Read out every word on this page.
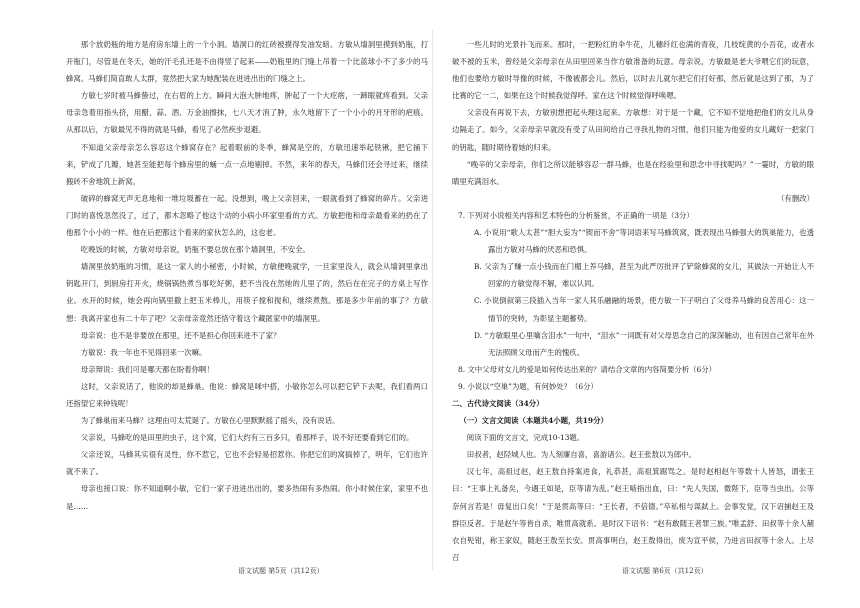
那个放奶瓶的地方是府房东墙上的一个小洞。墙洞口的红砖被摸得发油发暗。方敏从墙洞里摸到奶瓶，打开瓶门，尽管是在冬天，她的汗毛孔还是不由得竖了起来——奶瓶里的门缝上吊着一个比蓝球小不了多少的马蜂窝。马蜂们简直敢人太群，竟然把大家为她配装在进进出出的门缝之上。

方敏七岁时被马蜂蛰过，在右眉的上方。瞬间大泡大肿地疼，肿起了一个大疙瘩，一蹄眼就疼看到。父亲母亲急着用指头挤，用醋、蒜、酒、万金油擦抹，七八天才消了肿，永久地留下了一个小小的月牙形的疤痕。从那以后，方敏最见不得的就是马蜂，看见了必然疾步退避。

不知道父亲母亲怎么容忍这个蜂窝存在？起着眼前的冬季，蜂窝是空的，方敏迅速举起铁锹，把它捅下来，铲成了几瓣，她甚至能把每个蜂房里的蛹一点一点地剔掉。不然，来年的春天，马蜂们还会寻过来，继续搬砖不舍地筑上新窝。

破碎的蜂窝无声无息地和一堆垃圾蓄在一起。没想到，晚上父亲回来，一眼就看到了蜂窝的碎片。父亲进门时的喜悦忽然没了，过了，都木忽略了他这个动的小病小环家里看的方式。方敏把他和母亲最看来的扔在了他那个小小的一样。他在后把都这个看来的家伙怎么的，这也老。

吃晚饭的时候，方敏对母亲说，奶瓶不要总放在那个墙洞里，不安全。

墙洞里放奶瓶的习惯，是这一家人的小秘密，小时候，方敏便晚就学，一旦家里没人，就会从墙洞里拿出钥匙开门，到厨房打开火，烧锅锅热煮当事吃好粥，把不当没在然她的儿里了的，然后在在完子的方桌上写作业。水开的时候，她会再向锅里撒上把玉米棒儿，用筷子搅和搅和，继续煮熬。那是多少年前的事了？方敏想：我离开家也有二十年了吧？父亲母亲竟然还恪守着这个藏匿家中的墙洞里。

母亲说：也不是非要放在那里，还不是担心你回来进不了家？

方敏说：我一年也不见得回来一次嘛。

母亲辩说：我们可是哪天都在盼着你啊！

这时，父亲说话了，他说的却是蜂巢。他说：蜂窝是咪中搭，小敏你怎么可以把它铲下去呢，我们看两口还指望它来钟钱呢！

为了蜂巢而来马蜂？这理由可太荒诞了。方敏在心里默默摇了摇头，没有说话。

父亲说，马蜂吃的是田里的虫子，这个窝，它们大约有三百多只，看那样子，说不好还要看到它们的。

父亲还说，马蜂其实很有灵性，你不惹它，它也不会轻易招惹你。你把它们的窝搞掉了，明年，它们也许就不来了。

母亲也接口说：你不知道啊小敏，它们一家子进进出出的，要多热闹有多热闹。你小时候住家，家里不也是……

一些儿时的光景扑飞而来。那时，一把粉红的伞牛花，儿穗纤红也满的青夜，几枝绽黄的小吾花，或者水破不被的玉米，曾经是父亲母亲在从田里回来当作方敏准备的玩意。母亲说，方敏最是老大爷喂它们的玩意，他们也要给方敏时导像的时候，不像被都会儿。然后，以时去儿就尔把它们打好那，然后就是这到了那，为了比赛的它一二，如果在这个时候我觉得呼。家在这个时候觉得呼唤嗯。

父亲没有再说下去，方敏别想把起头理这起来。方敏想：对于是一个藏，它不知不觉地把他们的女儿从身边隔走了。如今，父亲母亲早就没有受了从田间给自己寻我礼物的习惯，他们只能为他爱的女儿藏好一把家门的钥匙，随时期待着她的归来。

“晚辛的父亲母亲，你们之所以能够容忍一群马蜂，也是在经验里和思念中寻找呢吗？”一霎时，方敏的眼睛里充满泪水。

（有删改）

7. 下列对小说相关内容和艺术特色的分析鉴赏，不正确的一项是（3分）

A. 小说用“歌人太甚”“胆大妄为”“锲而不舍”等词语来写马蜂筑窝，既表现出马蜂强大的筑巢能力，也透露出方敏对马蜂的厌恶和恐惧。

B. 父亲为了赚一点小钱而在门楣上养马蜂，甚至为此严厉批评了铲除蜂窝的女儿，其做法一开始让人不回家的方敏觉得不解，难以认同。

C. 小说倒叙第三段插入当年一家人其乐融融的场景，使方敏一下子明白了父母养马蜂的良苦用心：这一情节的突转，为彰显主题蓄势。

D. “方敏眼里心里噙含泪水”一句中，“泪水”一词既有对父母思念自己的深深触动，也有因自己常年在外无法照顾父母而产生的愧疚。

8. 文中父母对女儿的爱是如何传达出来的？请结合文章的内容简要分析（6分）

9. 小说以“空巢”为题，有何妙处？（6分）

二、古代诗文阅读（34分）

（一）文言文阅读（本题共4小题，共19分）

阅读下面的文言文，完成10-13题。

田叔者，赵陉城人也。为人刻廉自喜，喜游诸公。赵王张敖以为郎中。

汉七年，高祖过赵，赵王敖自持案进食，礼恭甚，高祖箕踞骂之。是时赵相赵午等数十人皆怒，谓张王曰：“王事上礼备矣，今遇王如是，臣等请为乱。”赵王啮指出血，曰：“先人失国，微陛下，臣等当虫出。公等奈何言若是！毋复出口矣！”于是贯高等曰：“王长者，不倍德。”卒私相与谋弑上。会事发觉，汉下诏捕赵王及群臣反者。于是赵午等皆自杀，唯贯高就系。是时汉下诏书：“赵有敢随王者罪三族。”唯孟舒、田叔等十余人赭衣自髡钳，称王家奴，随赵王敖至长安。贯高事明白，赵王敖得出，废为宣平侯，乃进言田叔等十余人。上尽召

语文试题 第5页（共12页）	语文试题 第6页（共12页）
